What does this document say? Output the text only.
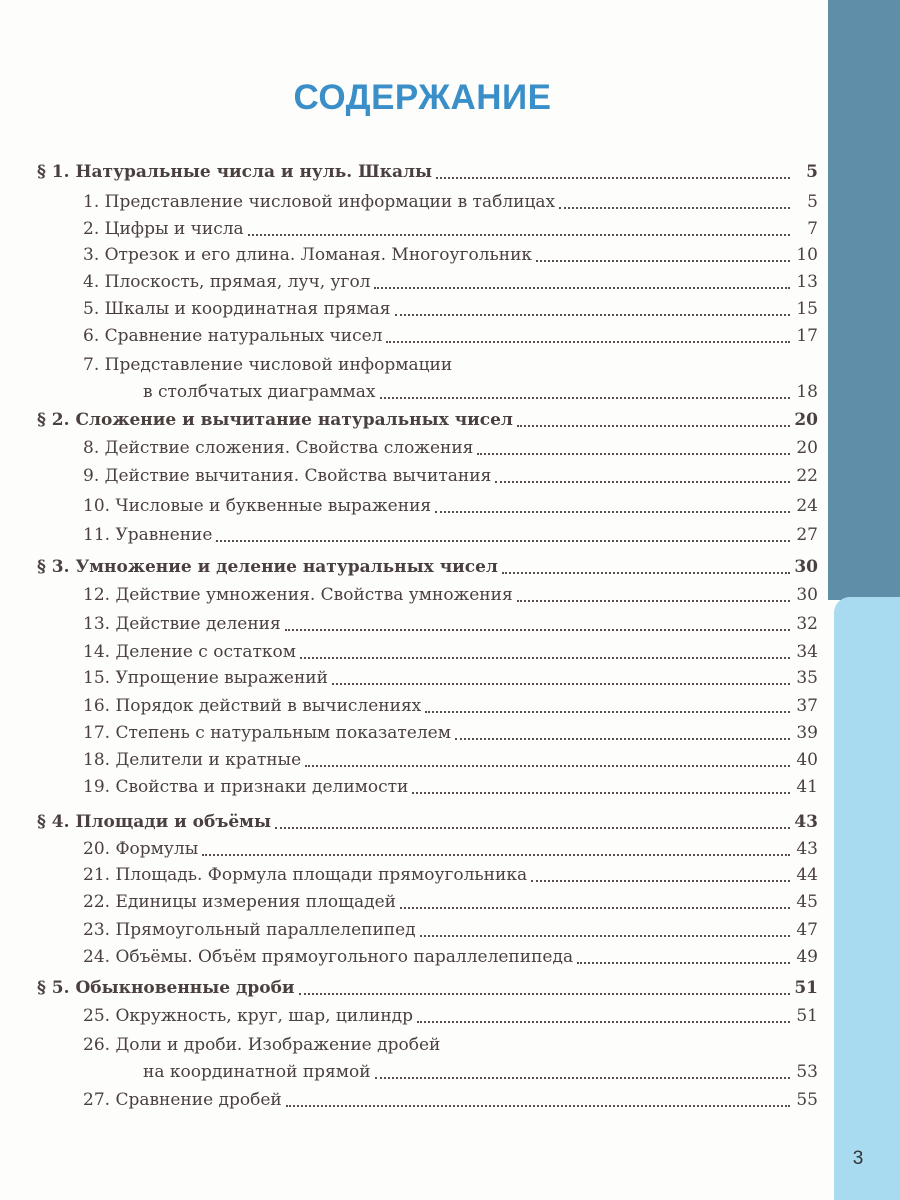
3
СОДЕРЖАНИЕ
§ 1. Натуральные числа и нуль. Шкалы	5
1. Представление числовой информации в таблицах	5
2. Цифры и числа	7
3. Отрезок и его длина. Ломаная. Многоугольник	10
4. Плоскость, прямая, луч, угол	13
5. Шкалы и координатная прямая	15
6. Сравнение натуральных чисел	17
7. Представление числовой информации
в столбчатых диаграммах	18
§ 2. Сложение и вычитание натуральных чисел	20
8. Действие сложения. Свойства сложения	20
9. Действие вычитания. Свойства вычитания	22
10. Числовые и буквенные выражения	24
11. Уравнение	27
§ 3. Умножение и деление натуральных чисел	30
12. Действие умножения. Свойства умножения	30
13. Действие деления	32
14. Деление с остатком	34
15. Упрощение выражений	35
16. Порядок действий в вычислениях	37
17. Степень с натуральным показателем	39
18. Делители и кратные	40
19. Свойства и признаки делимости	41
§ 4. Площади и объёмы	43
20. Формулы	43
21. Площадь. Формула площади прямоугольника	44
22. Единицы измерения площадей	45
23. Прямоугольный параллелепипед	47
24. Объёмы. Объём прямоугольного параллелепипеда	49
§ 5. Обыкновенные дроби	51
25. Окружность, круг, шар, цилиндр	51
26. Доли и дроби. Изображение дробей
на координатной прямой	53
27. Сравнение дробей	55
